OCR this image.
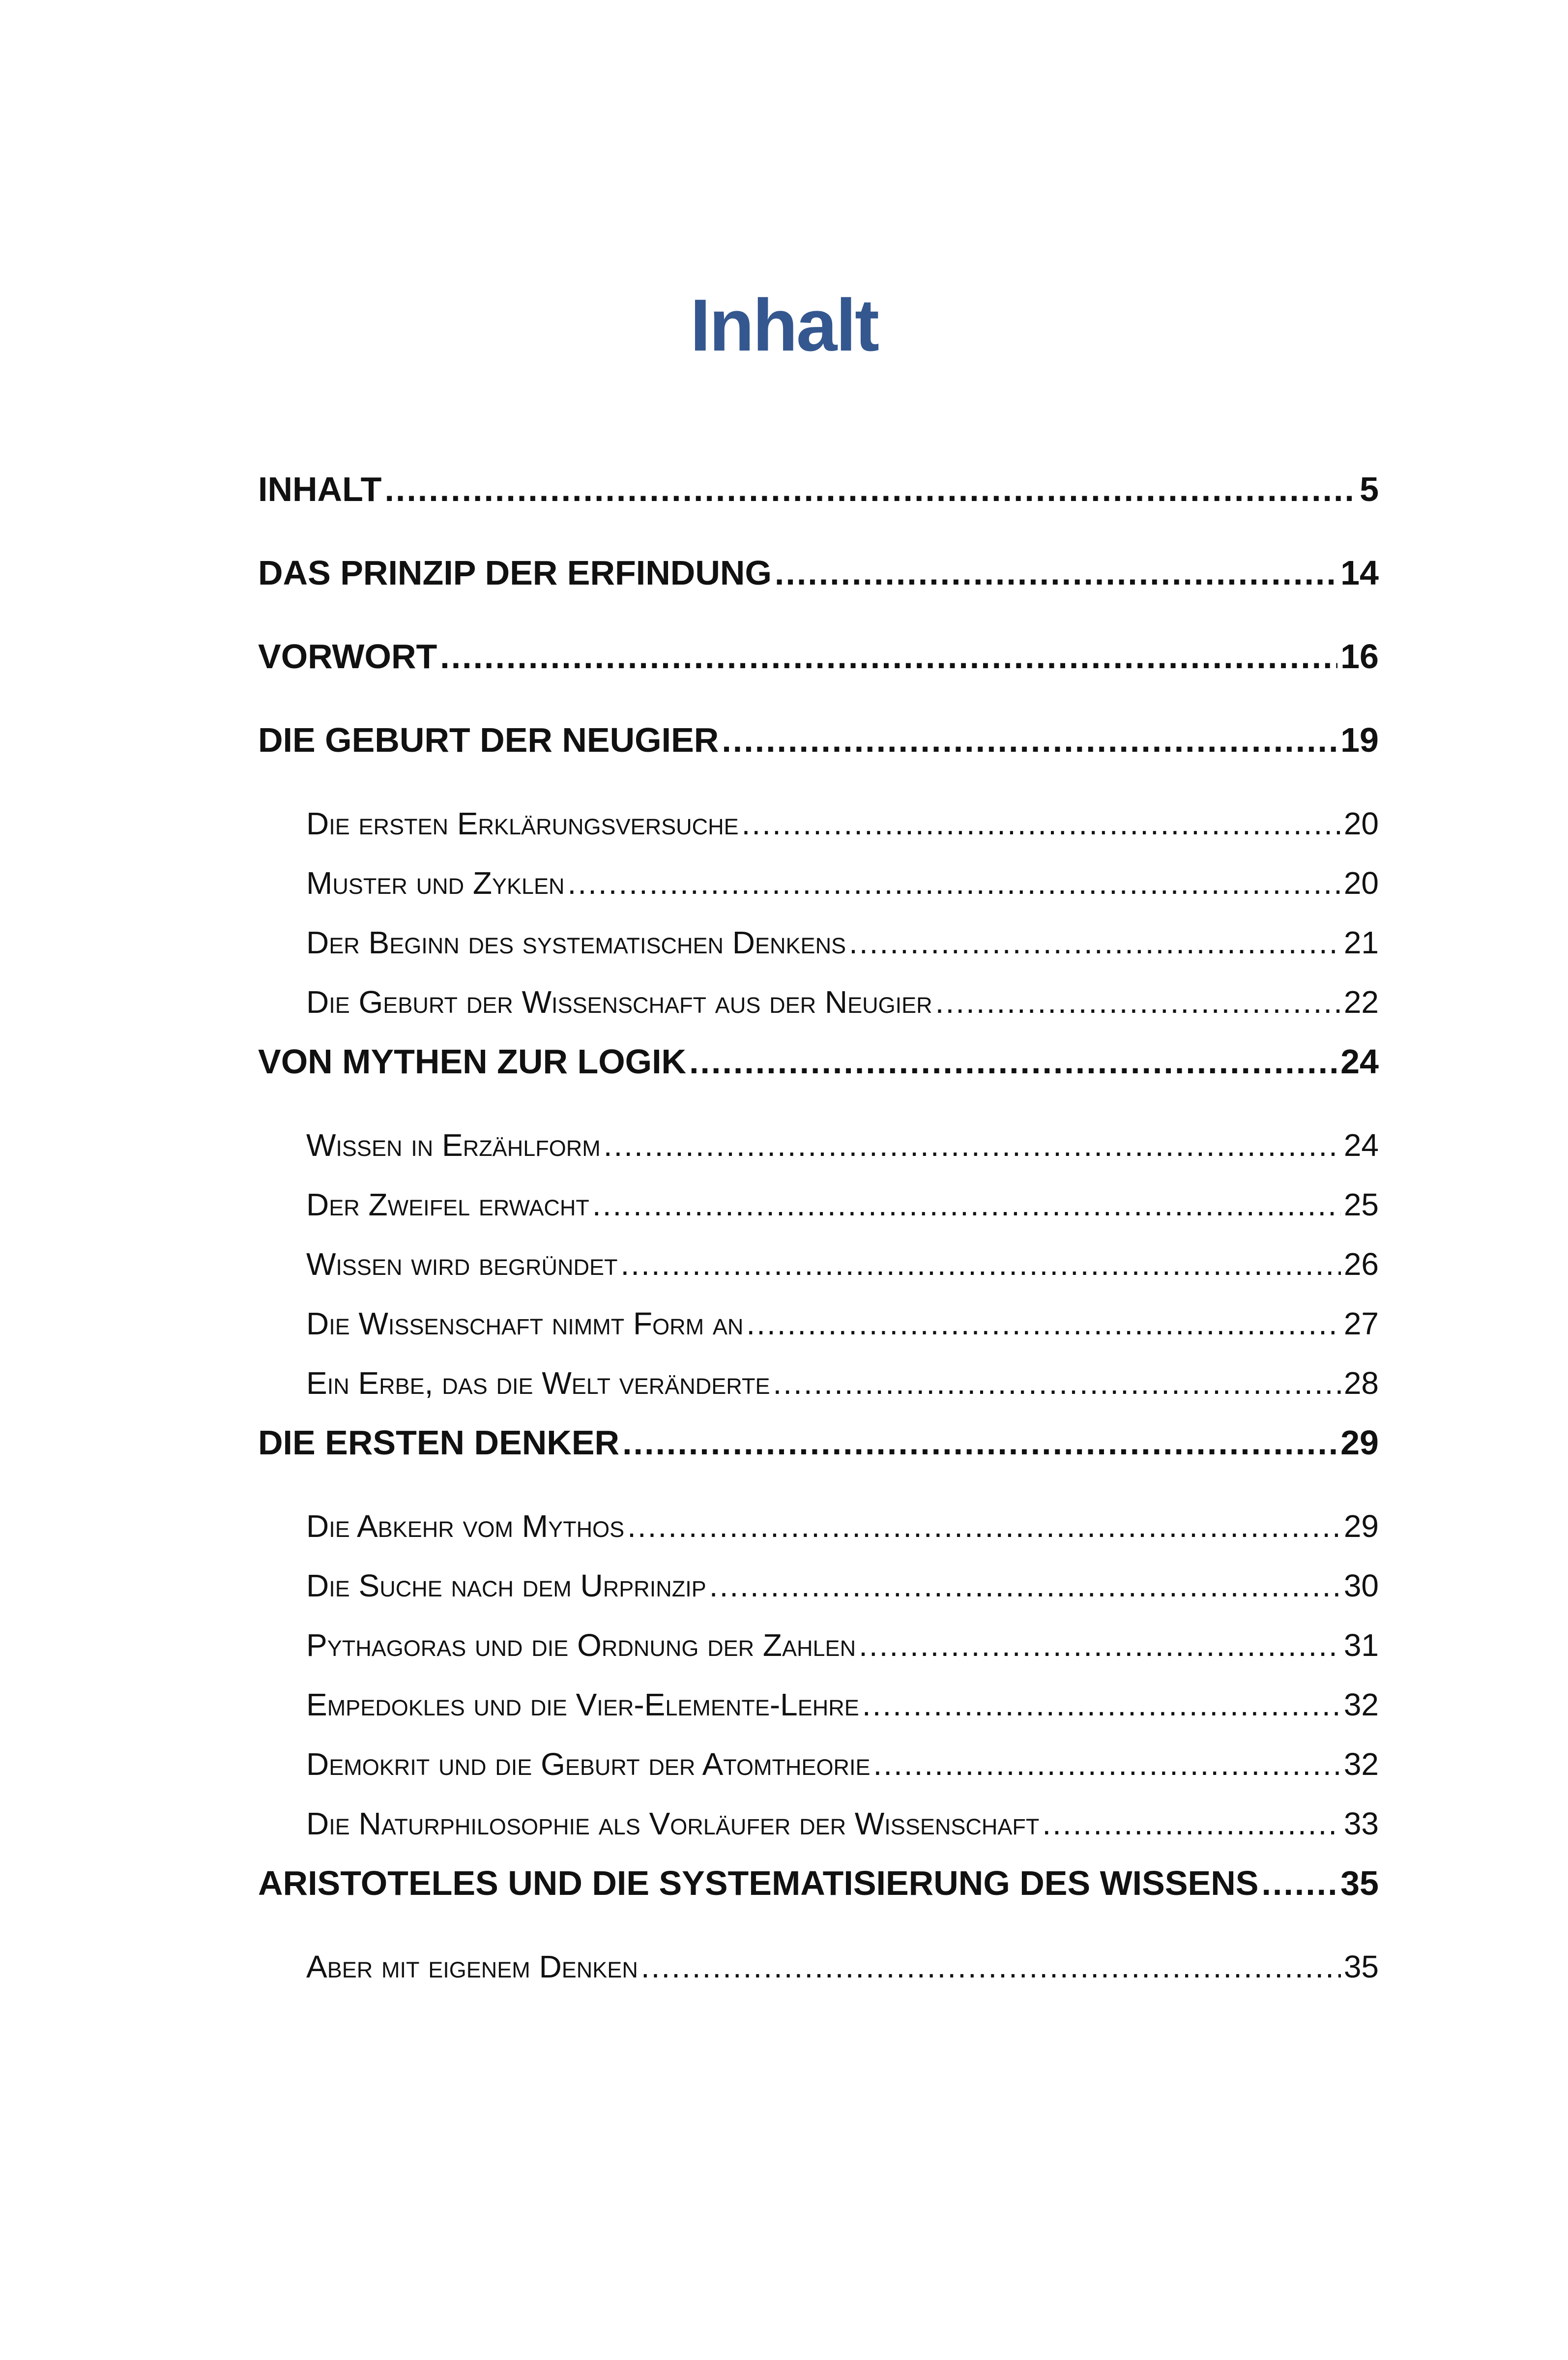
Inhalt
INHALT .....	5
DAS PRINZIP DER ERFINDUNG .....	14
VORWORT .....	16
DIE GEBURT DER NEUGIER .....	19
Die ersten Erklärungsversuche .....	20
Muster und Zyklen .....	20
Der Beginn des systematischen Denkens .....	21
Die Geburt der Wissenschaft aus der Neugier .....	22
VON MYTHEN ZUR LOGIK .....	24
Wissen in Erzählform .....	24
Der Zweifel erwacht .....	25
Wissen wird begründet .....	26
Die Wissenschaft nimmt Form an .....	27
Ein Erbe, das die Welt veränderte .....	28
DIE ERSTEN DENKER .....	29
Die Abkehr vom Mythos .....	29
Die Suche nach dem Urprinzip .....	30
Pythagoras und die Ordnung der Zahlen .....	31
Empedokles und die Vier-Elemente-Lehre .....	32
Demokrit und die Geburt der Atomtheorie .....	32
Die Naturphilosophie als Vorläufer der Wissenschaft .....	33
ARISTOTELES UND DIE SYSTEMATISIERUNG DES WISSENS ..... 35
Aber mit eigenem Denken .....	35
